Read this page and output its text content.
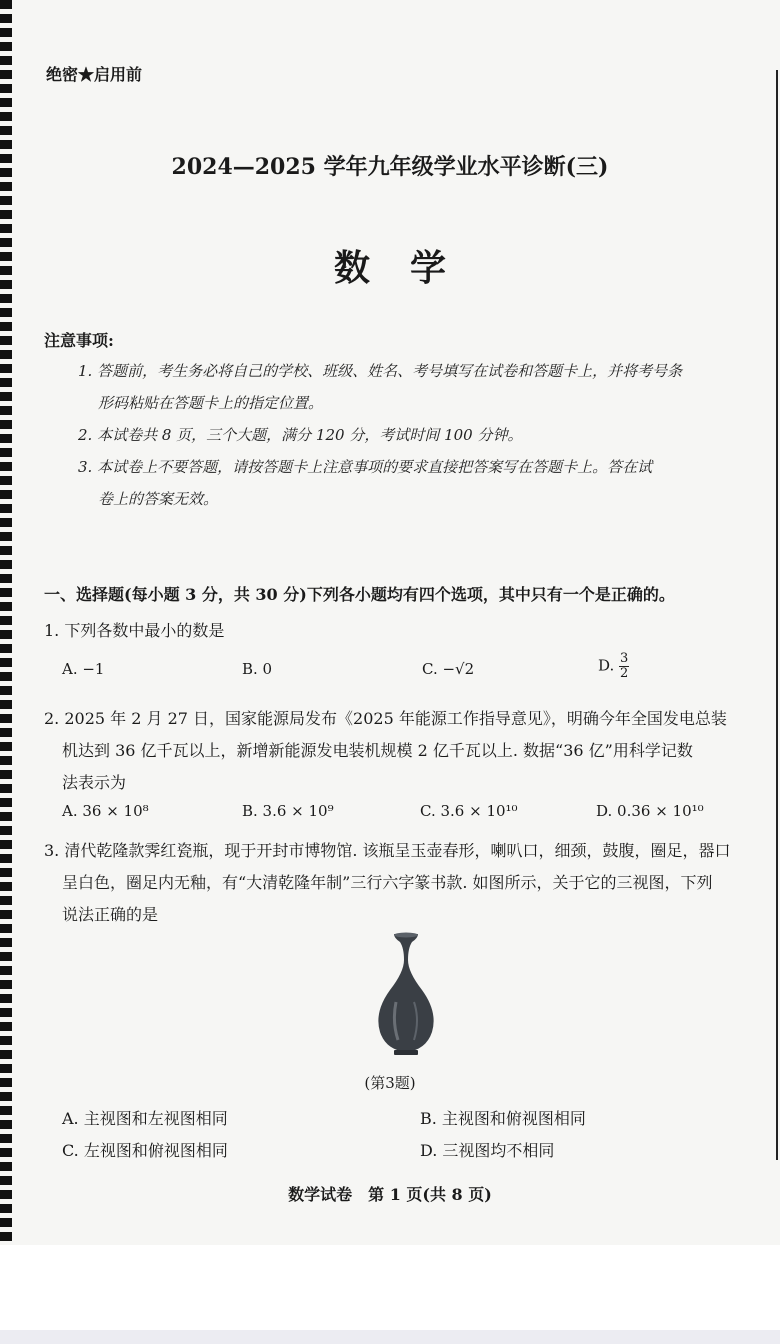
绝密★启用前
2024—2025 学年九年级学业水平诊断(三)
数学
注意事项:
1. 答题前，考生务必将自己的学校、班级、姓名、考号填写在试卷和答题卡上，并将考号条
形码粘贴在答题卡上的指定位置。
2. 本试卷共 8 页，三个大题，满分 120 分，考试时间 100 分钟。
3. 本试卷上不要答题，请按答题卡上注意事项的要求直接把答案写在答题卡上。答在试
卷上的答案无效。
一、选择题(每小题 3 分，共 30 分)下列各小题均有四个选项，其中只有一个是正确的。
1. 下列各数中最小的数是
A. −1	B. 0	C. −√2	D. $\frac{3}{2}$
2. 2025 年 2 月 27 日，国家能源局发布《2025 年能源工作指导意见》，明确今年全国发电总装
机达到 36 亿千瓦以上，新增新能源发电装机规模 2 亿千瓦以上. 数据“36 亿”用科学记数
法表示为
A. 36 × 10⁸	B. 3.6 × 10⁹	C. 3.6 × 10¹⁰	D. 0.36 × 10¹⁰
3. 清代乾隆款霁红瓷瓶，现于开封市博物馆. 该瓶呈玉壶春形，喇叭口，细颈，鼓腹，圈足，器口
呈白色，圈足内无釉，有“大清乾隆年制”三行六字篆书款. 如图所示，关于它的三视图，下列
说法正确的是
(第3题)
A. 主视图和左视图相同	B. 主视图和俯视图相同
C. 左视图和俯视图相同	D. 三视图均不相同
数学试卷　第 1 页(共 8 页)
